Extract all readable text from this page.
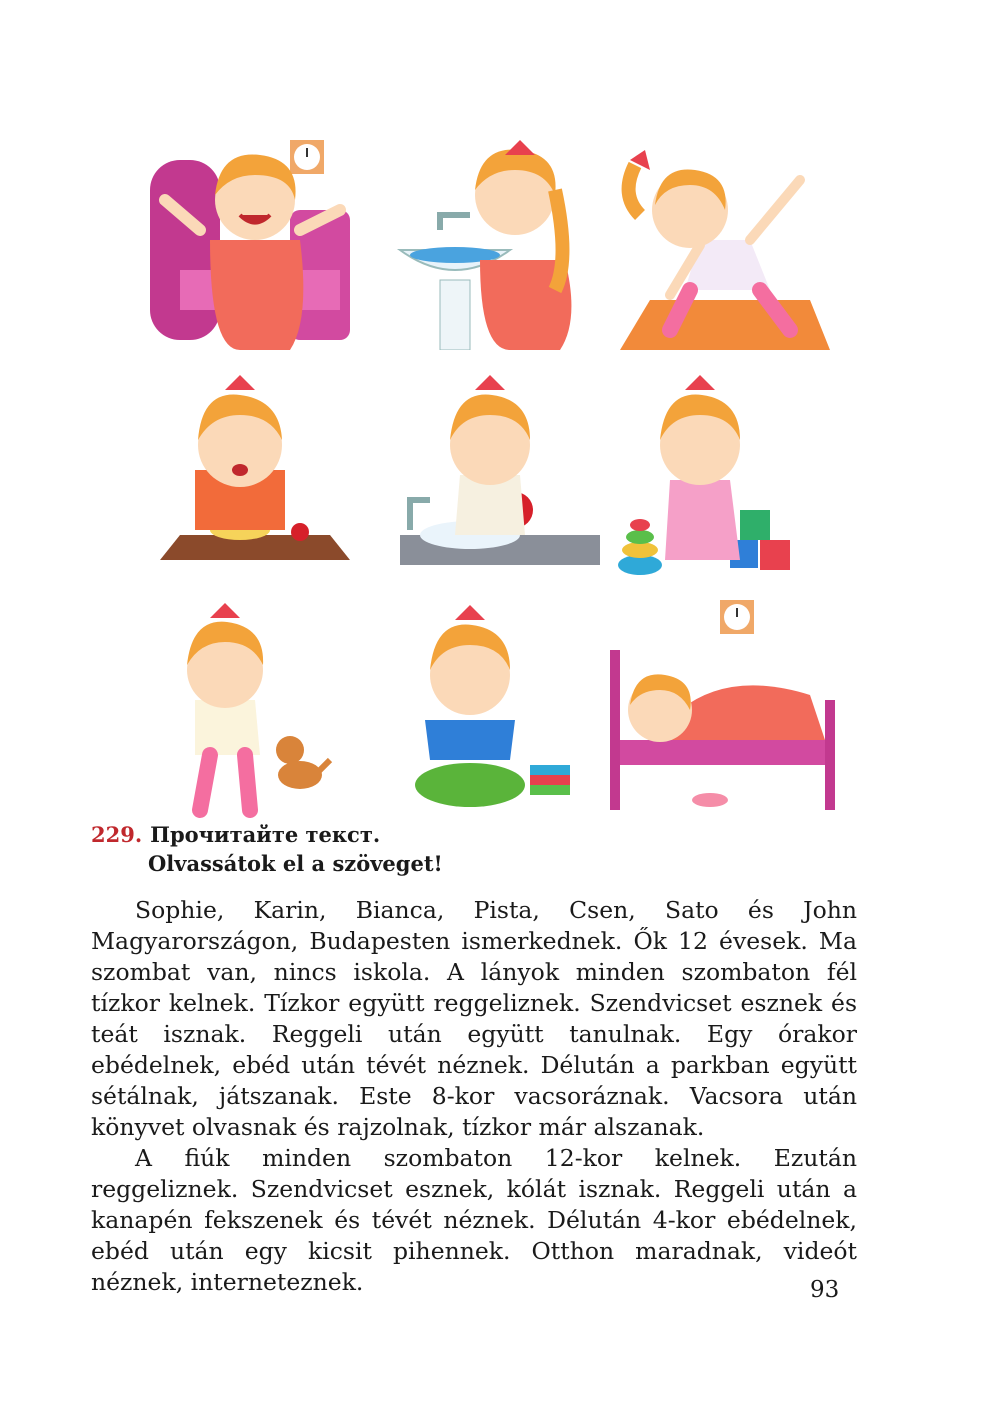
229. Прочитайте текст.
Olvassátok el a szöveget!

Sophie, Karin, Bianca, Pista, Csen, Sato és John Magyarországon, Budapesten ismerkednek. Ők 12 évesek. Ma szombat van, nincs iskola. A lányok minden szombaton fél tízkor kelnek. Tízkor együtt reggeliznek. Szendvicset esznek és teát isznak. Reggeli után együtt tanulnak. Egy órakor ebédelnek, ebéd után tévét néznek. Délután a parkban együtt sétálnak, játszanak. Este 8-kor vacsoráznak. Vacsora után könyvet olvasnak és rajzolnak, tízkor már alszanak.

A fiúk minden szombaton 12-kor kelnek. Ezután reggeliznek. Szendvicset esznek, kólát isznak. Reggeli után a kanapén fekszenek és tévét néznek. Délután 4-kor ebédelnek, ebéd után egy kicsit pihennek. Otthon maradnak, videót néznek, interneteznek.	93
